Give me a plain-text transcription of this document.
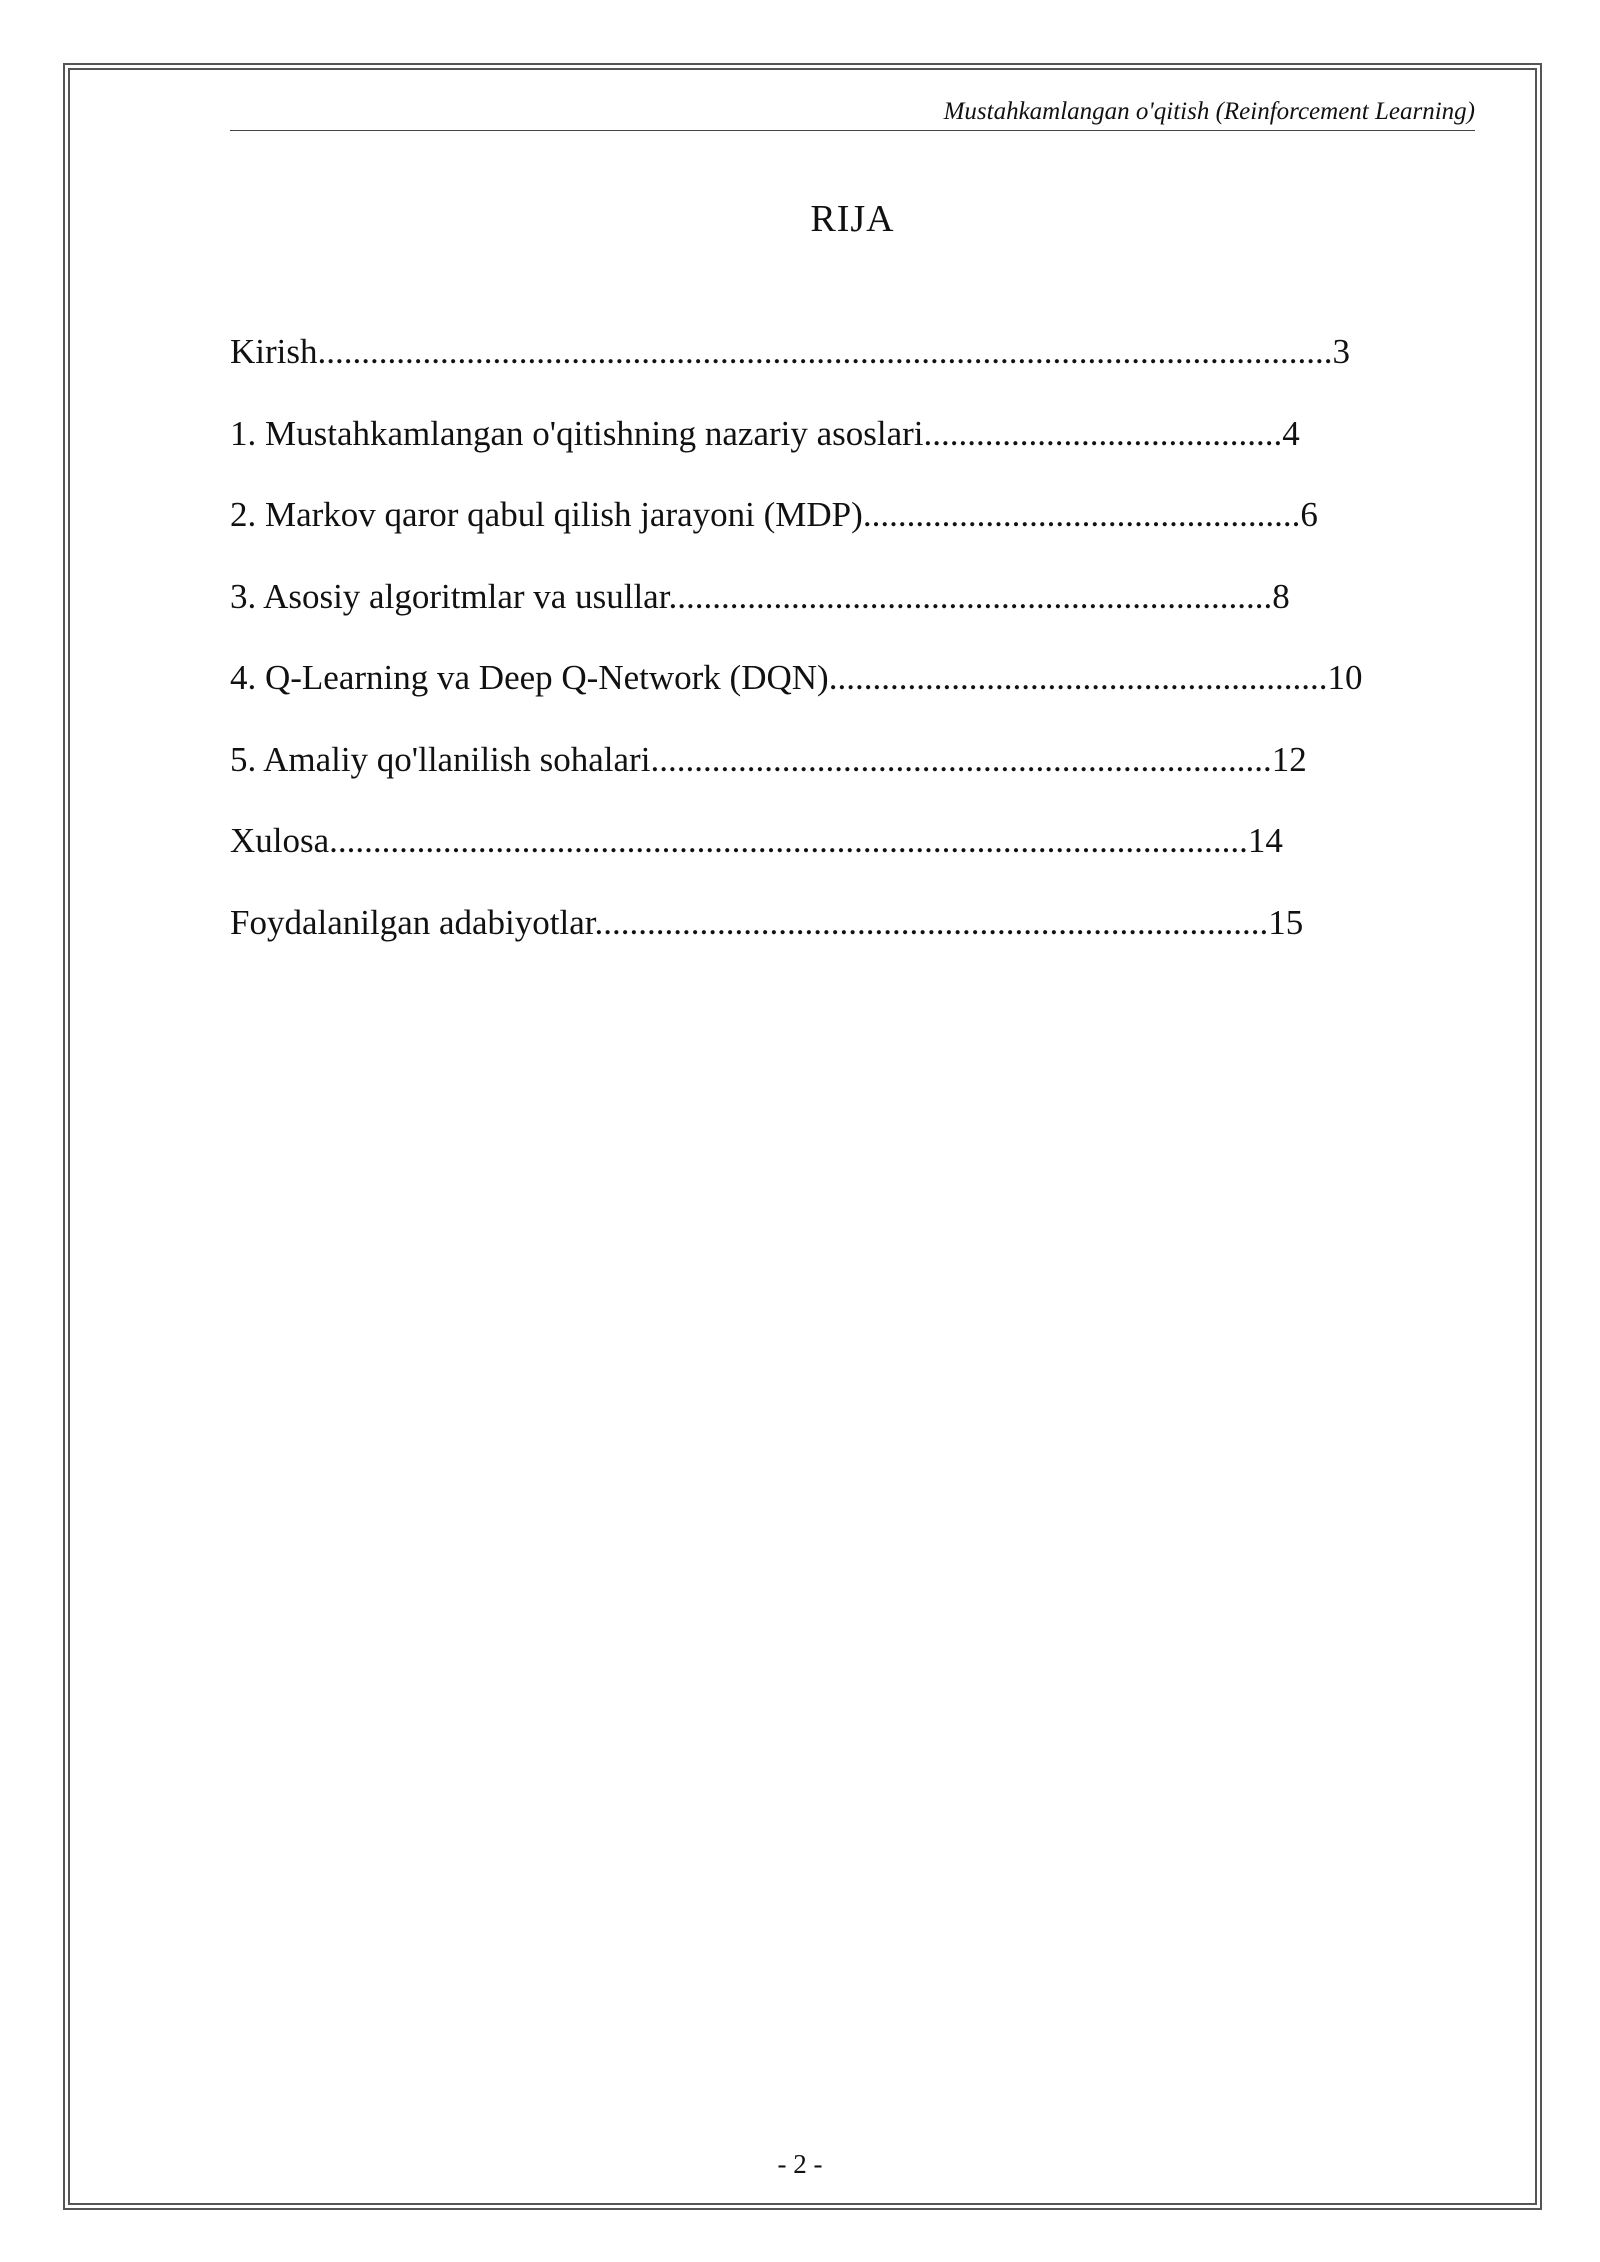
Mustahkamlangan o'qitish (Reinforcement Learning)
RIJA
Kirish....................................................................................................................3
1. Mustahkamlangan o'qitishning nazariy asoslari.........................................4
2. Markov qaror qabul qilish jarayoni (MDP)..................................................6
3. Asosiy algoritmlar va usullar.....................................................................8
4. Q-Learning va Deep Q-Network (DQN).........................................................10
5. Amaliy qo'llanilish sohalari.......................................................................12
Xulosa.........................................................................................................14
Foydalanilgan adabiyotlar.............................................................................15
- 2 -
